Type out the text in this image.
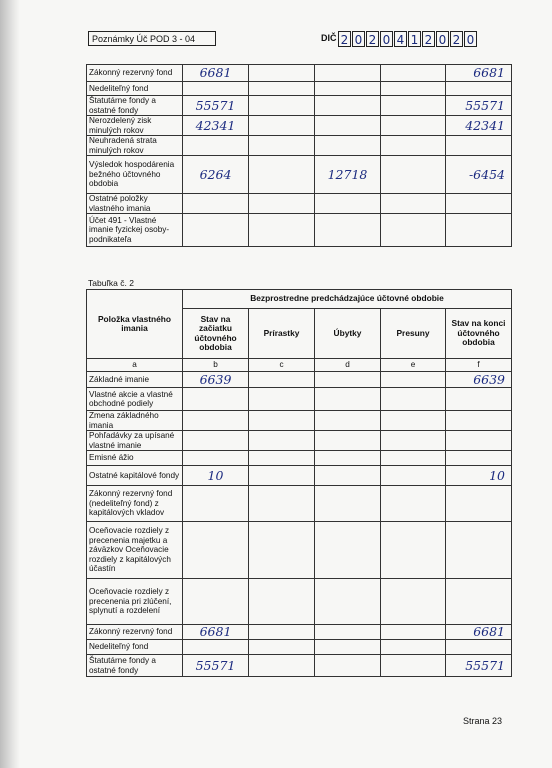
Poznámky Úč POD 3 - 04	DIČ 2 0 2 0 4 1 2 0 2 0
Zákonný rezervný fond	6681				6681
Nedeliteľný fond					
Štatutárne fondy a ostatné fondy	55571				55571
Nerozdelený zisk minulých rokov	42341				42341
Neuhradená strata minulých rokov					
Výsledok hospodárenia bežného účtovného obdobia	6264		12718		-6454
Ostatné položky vlastného imania					
Účet 491 - Vlastné imanie fyzickej osoby-podnikateľa					
Tabuľka č. 2
Položka vlastného imania	Bezprostredne predchádzajúce účtovné obdobie				
	Stav na začiatku účtovného obdobia	Prírastky	Úbytky	Presuny	Stav na konci účtovného obdobia
a	b	c	d	e	f
Základné imanie	6639				6639
Vlastné akcie a vlastné obchodné podiely					
Zmena základného imania					
Pohľadávky za upísané vlastné imanie					
Emisné ážio					
Ostatné kapitálové fondy	10				10
Zákonný rezervný fond (nedeliteľný fond) z kapitálových vkladov					
Oceňovacie rozdiely z precenenia majetku a záväzkov Oceňovacie rozdiely z kapitálových účastín					
Oceňovacie rozdiely z precenenia pri zlúčení, splynutí a rozdelení					
Zákonný rezervný fond	6681				6681
Nedeliteľný fond					
Štatutárne fondy a ostatné fondy	55571				55571
Strana 23
